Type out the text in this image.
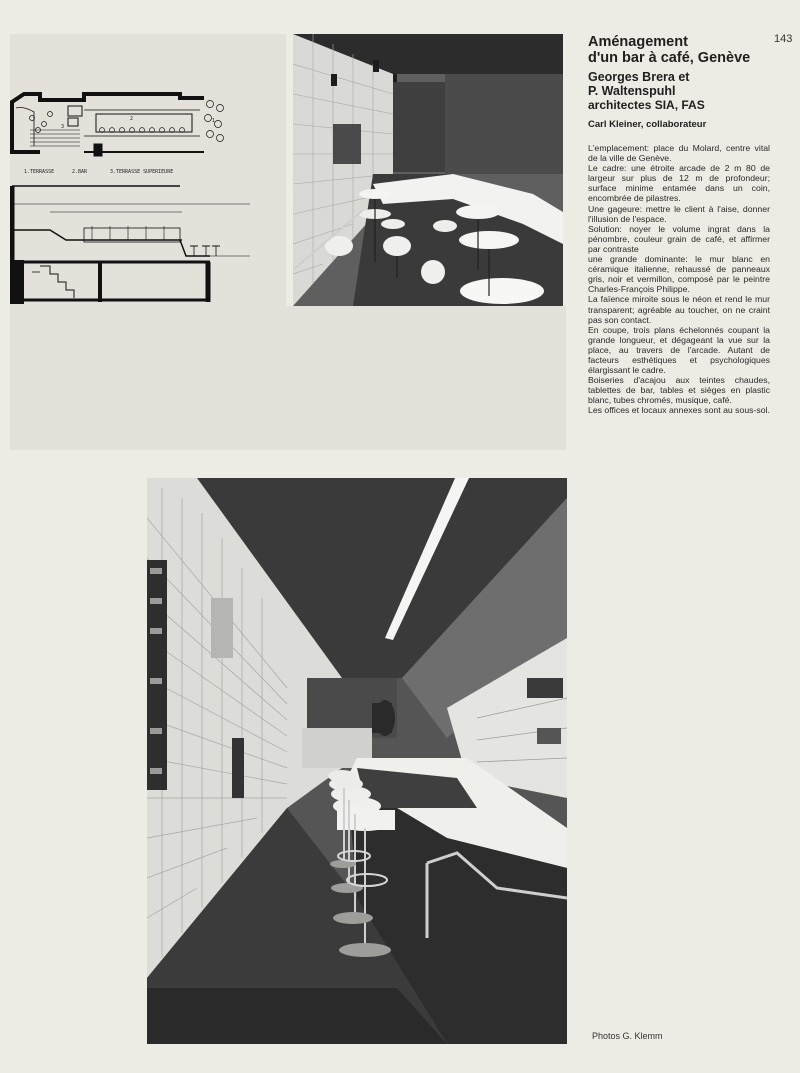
143
3
2	1
1.TERRASSE	2.BAR	3.TERRASSE SUPERIEURE
Aménagement
d'un bar à café, Genève
Georges Brera et
P. Waltenspuhl
architectes SIA, FAS
Carl Kleiner, collaborateur

L'emplacement: place du Molard, centre vital de la ville de Genève.

Le cadre: une étroite arcade de 2 m 80 de largeur sur plus de 12 m de profondeur; surface minime entamée dans un coin, encombrée de pilastres.

Une gageure: mettre le client à l'aise, donner l'illusion de l'espace.

Solution: noyer le volume ingrat dans la pénombre, couleur grain de café, et affirmer par contraste

une grande dominante: le mur blanc en céramique italienne, rehaussé de panneaux gris, noir et vermillon, composé par le peintre Charles-François Philippe.

La faïence miroite sous le néon et rend le mur transparent; agréable au toucher, on ne craint pas son contact.

En coupe, trois plans échelonnés coupant la grande longueur, et dégageant la vue sur la place, au travers de l'arcade. Autant de facteurs esthétiques et psychologiques élargissant le cadre.

Boiseries d'acajou aux teintes chaudes, tablettes de bar, tables et sièges en plastic blanc, tubes chromés, musique, café.

Les offices et locaux annexes sont au sous-sol.

Photos G. Klemm
